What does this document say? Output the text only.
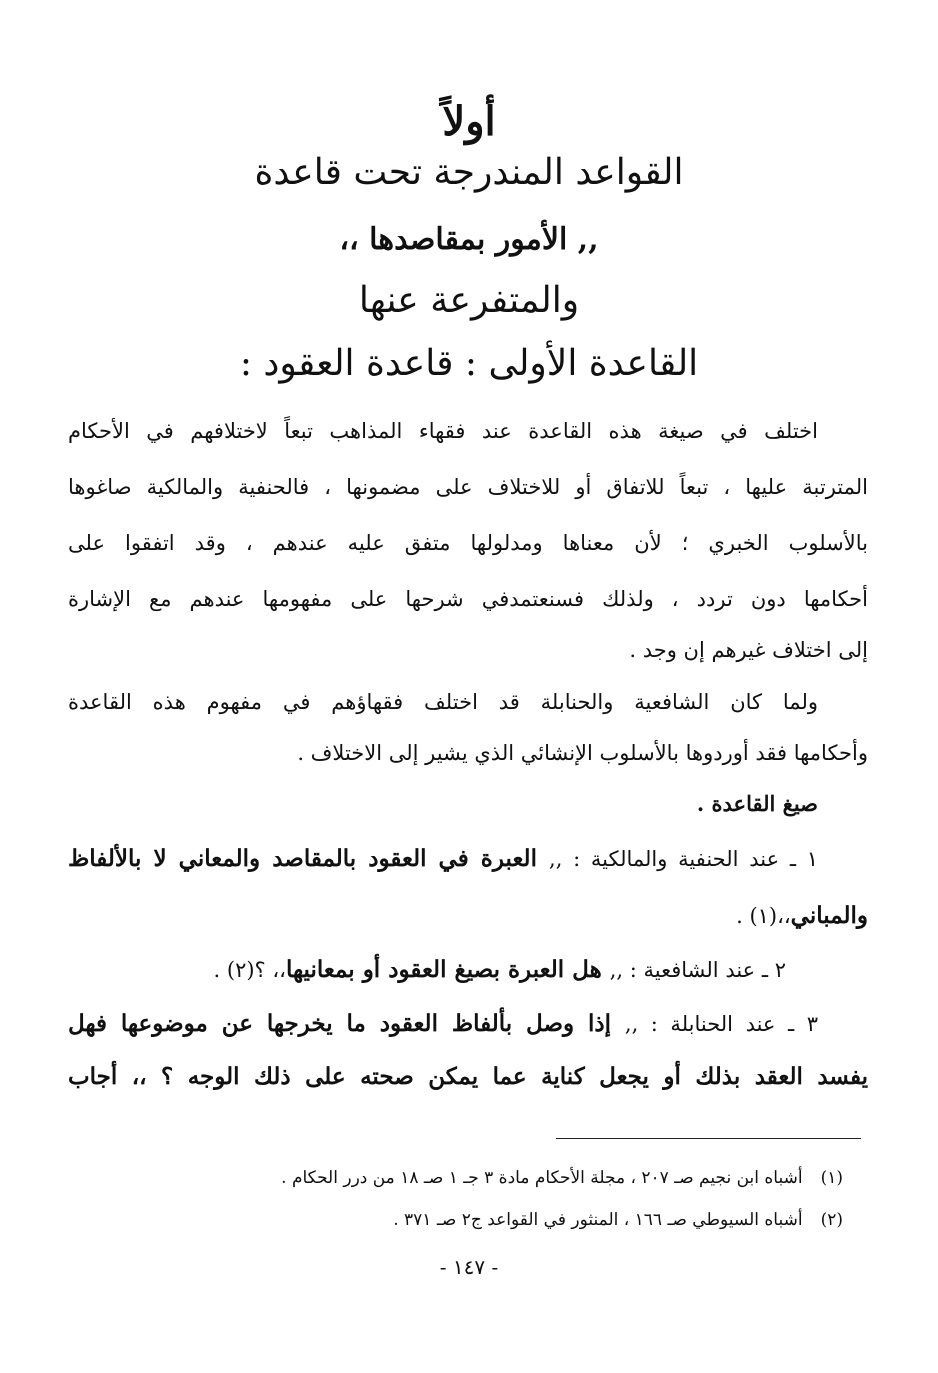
أولاً
القواعد المندرجة تحت قاعدة
,, الأمور بمقاصدها ،،
والمتفرعة عنها
القاعدة الأولى : قاعدة العقود :
اختلف في صيغة هذه القاعدة عند فقهاء المذاهب تبعاً لاختلافهم في الأحكام
المترتبة عليها ، تبعاً للاتفاق أو للاختلاف على مضمونها ، فالحنفية والمالكية صاغوها
بالأسلوب الخبري ؛ لأن معناها ومدلولها متفق عليه عندهم ، وقد اتفقوا على
أحكامها دون تردد ، ولذلك فسنعتمدفي شرحها على مفهومها عندهم مع الإشارة
إلى اختلاف غيرهم إن وجد .
ولما كان الشافعية والحنابلة قد اختلف فقهاؤهم في مفهوم هذه القاعدة
وأحكامها فقد أوردوها بالأسلوب الإنشائي الذي يشير إلى الاختلاف .
صيغ القاعدة .
١ ـ عند الحنفية والمالكية : ,, العبرة في العقود بالمقاصد والمعاني لا بالألفاظ
والمباني،،(١) .
٢ ـ عند الشافعية : ,, هل العبرة بصيغ العقود أو بمعانيها،، ؟(٢) .
٣ ـ عند الحنابلة : ,, إذا وصل بألفاظ العقود ما يخرجها عن موضوعها فهل
يفسد العقد بذلك أو يجعل كناية عما يمكن صحته على ذلك الوجه ؟ ،، أجاب
(١)أشباه ابن نجيم صـ ٢٠٧ ، مجلة الأحكام مادة ٣ جـ ١ صـ ١٨ من درر الحكام .
(٢)أشباه السيوطي صـ ١٦٦ ، المنثور في القواعد ج٢ صـ ٣٧١ .
- ١٤٧ -
